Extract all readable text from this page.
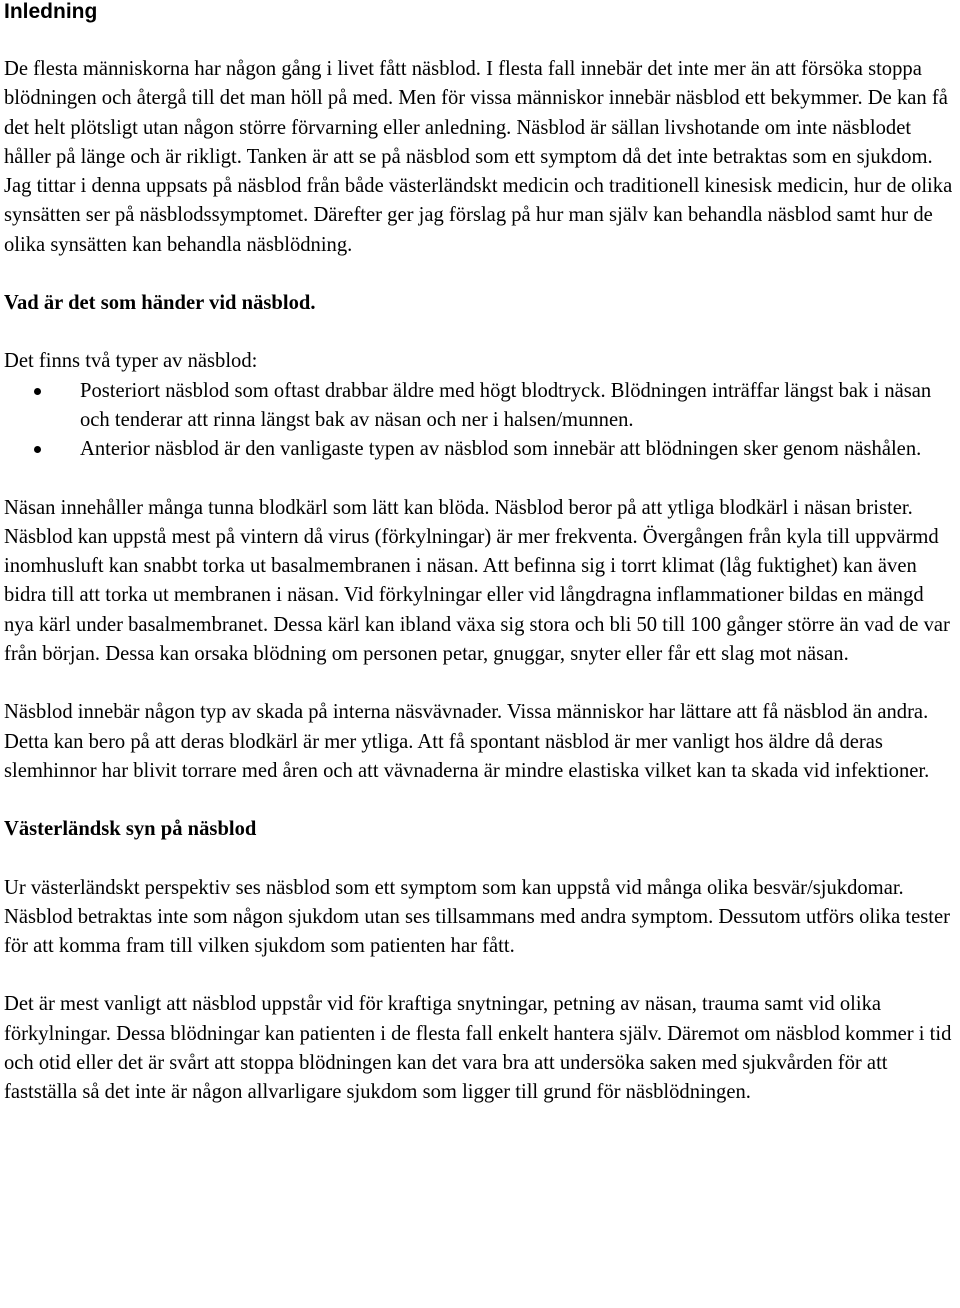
Inledning

De flesta människorna har någon gång i livet fått näsblod. I flesta fall innebär det inte mer än att försöka stoppa blödningen och återgå till det man höll på med. Men för vissa människor innebär näsblod ett bekymmer. De kan få det helt plötsligt utan någon större förvarning eller anledning. Näsblod är sällan livshotande om inte näsblodet håller på länge och är rikligt. Tanken är att se på näsblod som ett symptom då det inte betraktas som en sjukdom. Jag tittar i denna uppsats på näsblod från både västerländskt medicin och traditionell kinesisk medicin, hur de olika synsätten ser på näsblodssymptomet. Därefter ger jag förslag på hur man själv kan behandla näsblod samt hur de olika synsätten kan behandla näsblödning.

Vad är det som händer vid näsblod.

Det finns två typer av näsblod:

Posteriort näsblod som oftast drabbar äldre med högt blodtryck. Blödningen inträffar längst bak i näsan och tenderar att rinna längst bak av näsan och ner i halsen/munnen.
Anterior näsblod är den vanligaste typen av näsblod som innebär att blödningen sker genom näshålen.

Näsan innehåller många tunna blodkärl som lätt kan blöda. Näsblod beror på att ytliga blodkärl i näsan brister. Näsblod kan uppstå mest på vintern då virus (förkylningar) är mer frekventa. Övergången från kyla till uppvärmd inomhusluft kan snabbt torka ut basalmembranen i näsan. Att befinna sig i torrt klimat (låg fuktighet) kan även bidra till att torka ut membranen i näsan. Vid förkylningar eller vid långdragna inflammationer bildas en mängd nya kärl under basalmembranet. Dessa kärl kan ibland växa sig stora och bli 50 till 100 gånger större än vad de var från början. Dessa kan orsaka blödning om personen petar, gnuggar, snyter eller får ett slag mot näsan.

Näsblod innebär någon typ av skada på interna näsvävnader. Vissa människor har lättare att få näsblod än andra. Detta kan bero på att deras blodkärl är mer ytliga. Att få spontant näsblod är mer vanligt hos äldre då deras slemhinnor har blivit torrare med åren och att vävnaderna är mindre elastiska vilket kan ta skada vid infektioner.

Västerländsk syn på näsblod

Ur västerländskt perspektiv ses näsblod som ett symptom som kan uppstå vid många olika besvär/sjukdomar. Näsblod betraktas inte som någon sjukdom utan ses tillsammans med andra symptom. Dessutom utförs olika tester för att komma fram till vilken sjukdom som patienten har fått.

Det är mest vanligt att näsblod uppstår vid för kraftiga snytningar, petning av näsan, trauma samt vid olika förkylningar. Dessa blödningar kan patienten i de flesta fall enkelt hantera själv. Däremot om näsblod kommer i tid och otid eller det är svårt att stoppa blödningen kan det vara bra att undersöka saken med sjukvården för att fastställa så det inte är någon allvarligare sjukdom som ligger till grund för näsblödningen.
